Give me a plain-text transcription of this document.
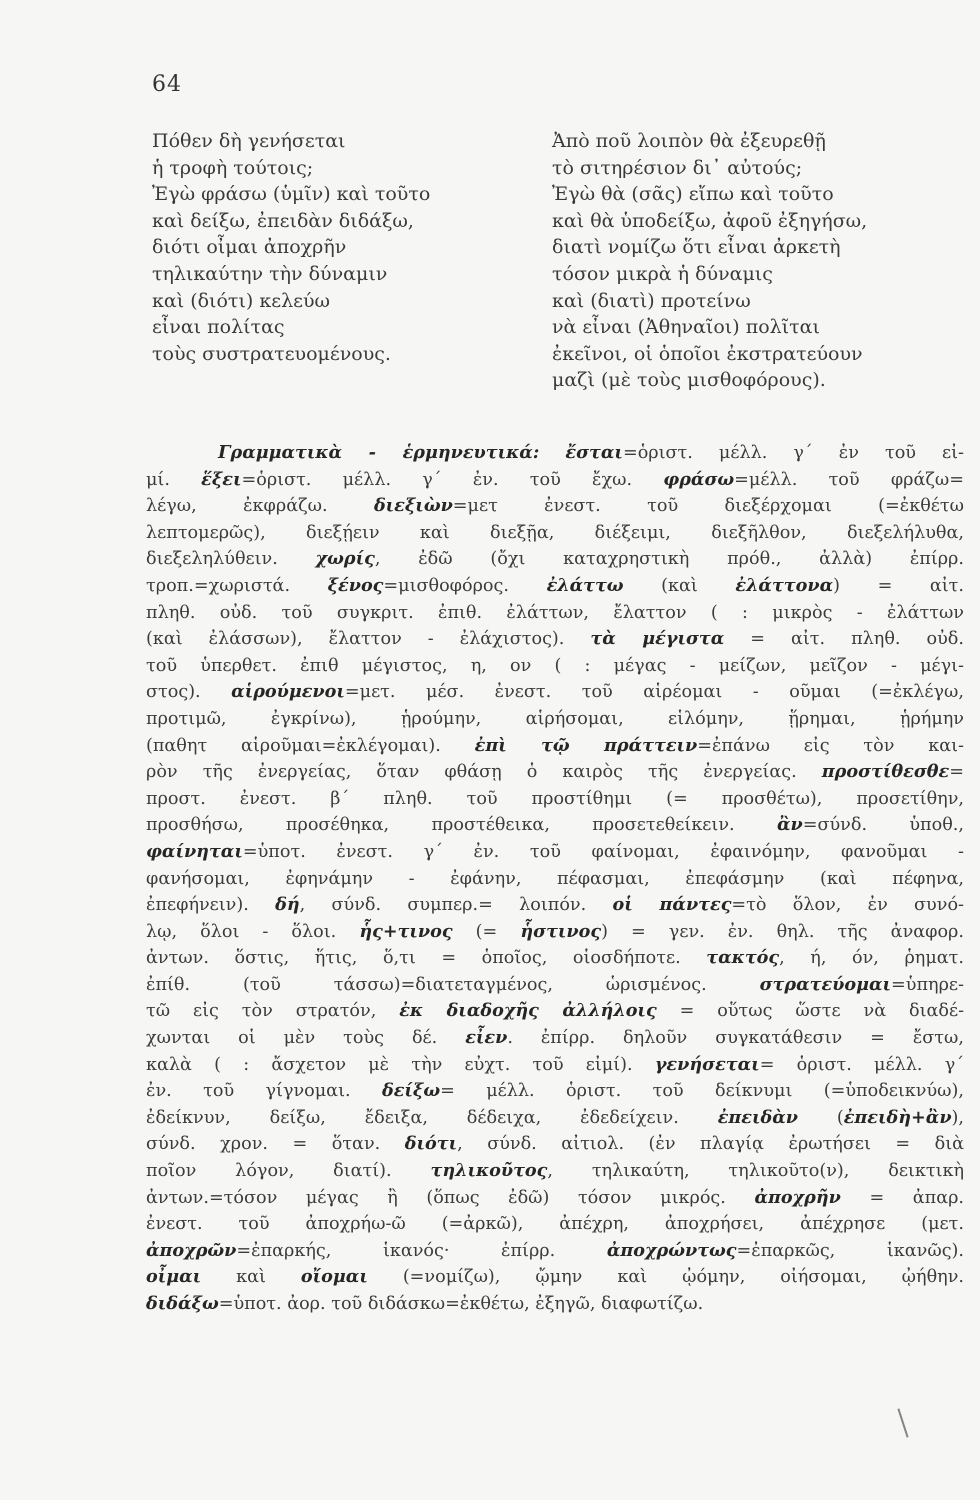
64
Πόθεν δὴ γενήσεται
ἡ τροφὴ τούτοις;
Ἐγὼ φράσω (ὑμῖν) καὶ τοῦτο
καὶ δείξω, ἐπειδὰν διδάξω,
διότι οἶμαι ἀποχρῆν
τηλικαύτην τὴν δύναμιν
καὶ (διότι) κελεύω
εἶναι πολίτας
τοὺς συστρατευομένους.
Ἀπὸ ποῦ λοιπὸν θὰ ἐξευρεθῇ
τὸ σιτηρέσιον δι᾽ αὐτούς;
Ἐγὼ θὰ (σᾶς) εἴπω καὶ τοῦτο
καὶ θὰ ὑποδείξω, ἀφοῦ ἐξηγήσω,
διατὶ νομίζω ὅτι εἶναι ἀρκετὴ
τόσον μικρὰ ἡ δύναμις
καὶ (διατὶ) προτείνω
νὰ εἶναι (Ἀθηναῖοι) πολῖται
ἐκεῖνοι, οἱ ὁποῖοι ἐκστρατεύουν
μαζὶ (μὲ τοὺς μισθοφόρους).
Γραμματικὰ - ἑρμηνευτικά: ἔσται=ὁριστ. μέλλ. γ΄ ἐν τοῦ εἰ-
μί. ἕξει=ὁριστ. μέλλ. γ΄ ἐν. τοῦ ἔχω. φράσω=μέλλ. τοῦ φράζω=
λέγω, ἐκφράζω. διεξιὼν=μετ ἐνεστ. τοῦ διεξέρχομαι (=ἐκθέτω
λεπτομερῶς), διεξῄειν καὶ διεξῇα, διέξειμι, διεξῆλθον, διεξελήλυθα,
διεξεληλύθειν. χωρίς, ἐδῶ (ὄχι καταχρηστικὴ πρόθ., ἀλλὰ) ἐπίρρ.
τροπ.=χωριστά. ξένος=μισθοφόρος. ἐλάττω (καὶ ἐλάττονα) = αἰτ.
πληθ. οὐδ. τοῦ συγκριτ. ἐπιθ. ἐλάττων, ἔλαττον ( : μικρὸς - ἐλάττων
(καὶ ἐλάσσων), ἔλαττον - ἐλάχιστος). τὰ μέγιστα = αἰτ. πληθ. οὐδ.
τοῦ ὑπερθετ. ἐπιθ μέγιστος, η, ον ( : μέγας - μείζων, μεῖζον - μέγι-
στος). αἱρούμενοι=μετ. μέσ. ἐνεστ. τοῦ αἱρέομαι - οῦμαι (=ἐκλέγω,
προτιμῶ, ἐγκρίνω), ᾑρούμην, αἱρήσομαι, εἱλόμην, ᾕρημαι, ᾑρήμην
(παθητ αἱροῦμαι=ἐκλέγομαι). ἐπὶ τῷ πράττειν=ἐπάνω εἰς τὸν και-
ρὸν τῆς ἐνεργείας, ὅταν φθάσῃ ὁ καιρὸς τῆς ἐνεργείας. προστίθεσθε=
προστ. ἐνεστ. β΄ πληθ. τοῦ προστίθημι (= προσθέτω), προσετίθην,
προσθήσω, προσέθηκα, προστέθεικα, προσετεθείκειν. ἂν=σύνδ. ὑποθ.,
φαίνηται=ὑποτ. ἐνεστ. γ΄ ἐν. τοῦ φαίνομαι, ἐφαινόμην, φανοῦμαι -
φανήσομαι, ἐφηνάμην - ἐφάνην, πέφασμαι, ἐπεφάσμην (καὶ πέφηνα,
ἐπεφήνειν). δή, σύνδ. συμπερ.= λοιπόν. οἱ πάντες=τὸ ὅλον, ἐν συνό-
λῳ, ὅλοι - ὅλοι. ἧς+τινος (= ἧστινος) = γεν. ἐν. θηλ. τῆς ἀναφορ.
ἀντων. ὅστις, ἥτις, ὅ,τι = ὁποῖος, οἱοσδήποτε. τακτός, ή, όν, ῥηματ.
ἐπίθ. (τοῦ τάσσω)=διατεταγμένος, ὡρισμένος. στρατεύομαι=ὑπηρε-
τῶ εἰς τὸν στρατόν, ἐκ διαδοχῆς ἀλλήλοις = οὕτως ὥστε νὰ διαδέ-
χωνται οἱ μὲν τοὺς δέ. εἶεν. ἐπίρρ. δηλοῦν συγκατάθεσιν = ἔστω,
καλὰ ( : ἄσχετον μὲ τὴν εὐχτ. τοῦ εἰμί). γενήσεται= ὁριστ. μέλλ. γ΄
ἐν. τοῦ γίγνομαι. δείξω= μέλλ. ὁριστ. τοῦ δείκνυμι (=ὑποδεικνύω),
ἐδείκνυν, δείξω, ἔδειξα, δέδειχα, ἐδεδείχειν. ἐπειδὰν (ἐπειδὴ+ἂν),
σύνδ. χρον. = ὅταν. διότι, σύνδ. αἰτιολ. (ἐν πλαγίᾳ ἐρωτήσει = διὰ
ποῖον λόγον, διατί). τηλικοῦτος, τηλικαύτη, τηλικοῦτο(ν), δεικτικὴ
ἀντων.=τόσον μέγας ἢ (ὅπως ἐδῶ) τόσον μικρός. ἀποχρῆν = ἀπαρ.
ἐνεστ. τοῦ ἀποχρήω-ῶ (=ἀρκῶ), ἀπέχρη, ἀποχρήσει, ἀπέχρησε (μετ.
ἀποχρῶν=ἐπαρκής, ἱκανός· ἐπίρρ. ἀποχρώντως=ἐπαρκῶς, ἱκανῶς).
οἶμαι καὶ οἴομαι (=νομίζω), ᾤμην καὶ ᾠόμην, οἰήσομαι, ᾠήθην.
διδάξω=ὑποτ. ἀορ. τοῦ διδάσκω=ἐκθέτω, ἐξηγῶ, διαφωτίζω.
